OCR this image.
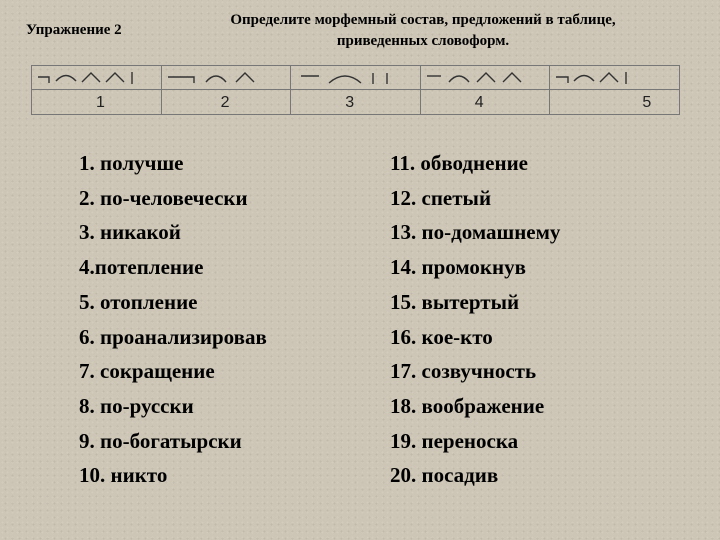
Упражнение 2
Определите морфемный состав, предложений в таблице,
приведенных словоформ.
1	2	3	4	5
1. получше
2. по-человечески
3. никакой
4.потепление
5. отопление
6. проанализировав
7. сокращение
8. по-русски
9. по-богатырски
10. никто
11. обводнение
12. спетый
13. по-домашнему
14. промокнув
15. вытертый
16. кое-кто
17. созвучность
18. воображение
19. переноска
20. посадив
